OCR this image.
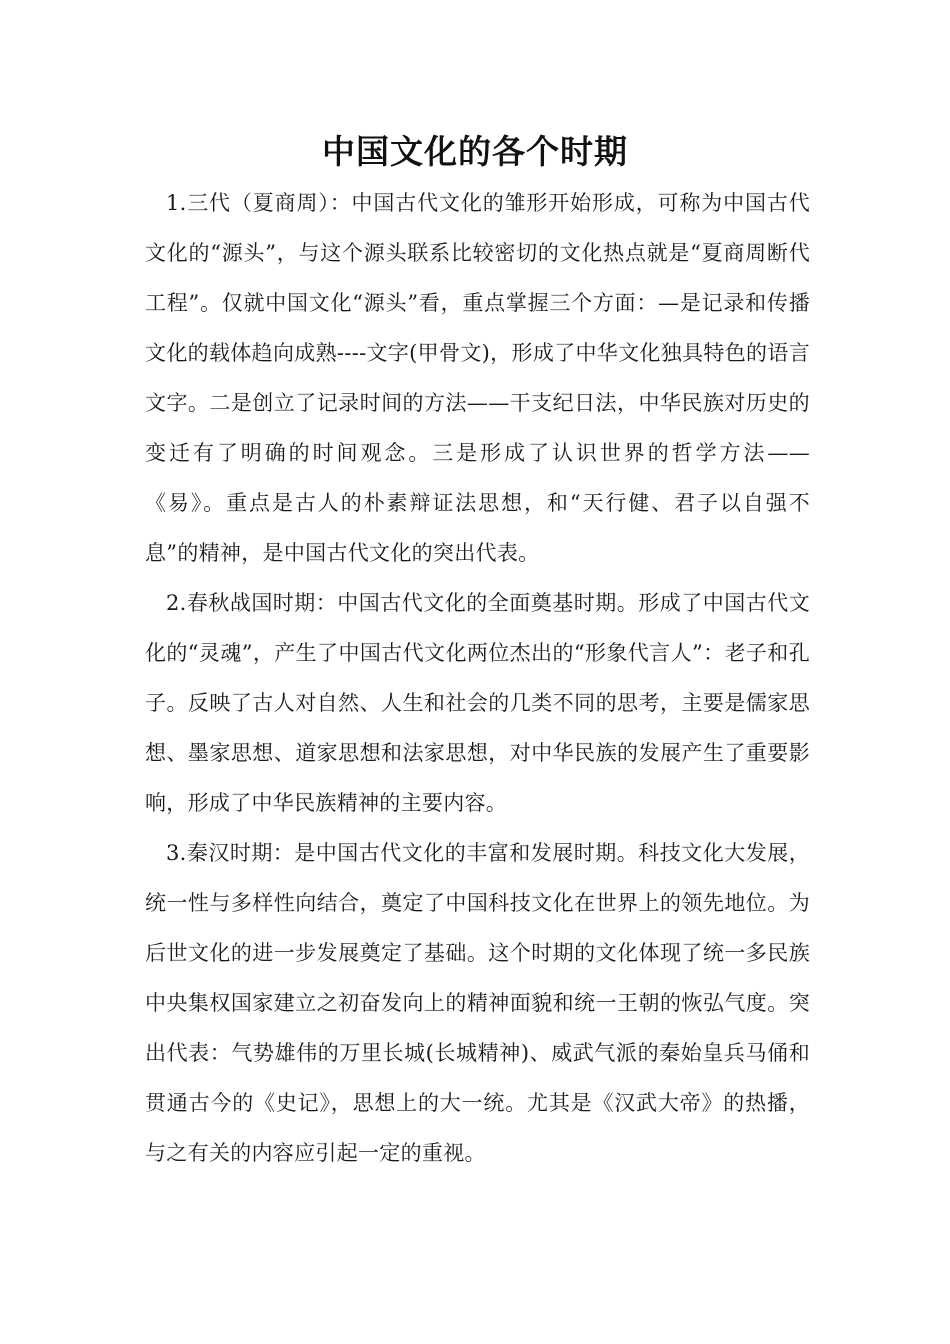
中国文化的各个时期

1.三代（夏商周）：中国古代文化的雏形开始形成，可称为中国古代文化的“源头”，与这个源头联系比较密切的文化热点就是“夏商周断代工程”。仅就中国文化“源头”看，重点掌握三个方面：—是记录和传播文化的载体趋向成熟----文字(甲骨文)，形成了中华文化独具特色的语言文字。二是创立了记录时间的方法——干支纪日法，中华民族对历史的变迁有了明确的时间观念。三是形成了认识世界的哲学方法——《易》。重点是古人的朴素辩证法思想，和“天行健、君子以自强不息”的精神，是中国古代文化的突出代表。

2.春秋战国时期：中国古代文化的全面奠基时期。形成了中国古代文化的“灵魂”，产生了中国古代文化两位杰出的“形象代言人”：老子和孔子。反映了古人对自然、人生和社会的几类不同的思考，主要是儒家思想、墨家思想、道家思想和法家思想，对中华民族的发展产生了重要影响，形成了中华民族精神的主要内容。

3.秦汉时期：是中国古代文化的丰富和发展时期。科技文化大发展，统一性与多样性向结合，奠定了中国科技文化在世界上的领先地位。为后世文化的进一步发展奠定了基础。这个时期的文化体现了统一多民族中央集权国家建立之初奋发向上的精神面貌和统一王朝的恢弘气度。突出代表：气势雄伟的万里长城(长城精神)、威武气派的秦始皇兵马俑和贯通古今的《史记》，思想上的大一统。尤其是《汉武大帝》的热播，与之有关的内容应引起一定的重视。
